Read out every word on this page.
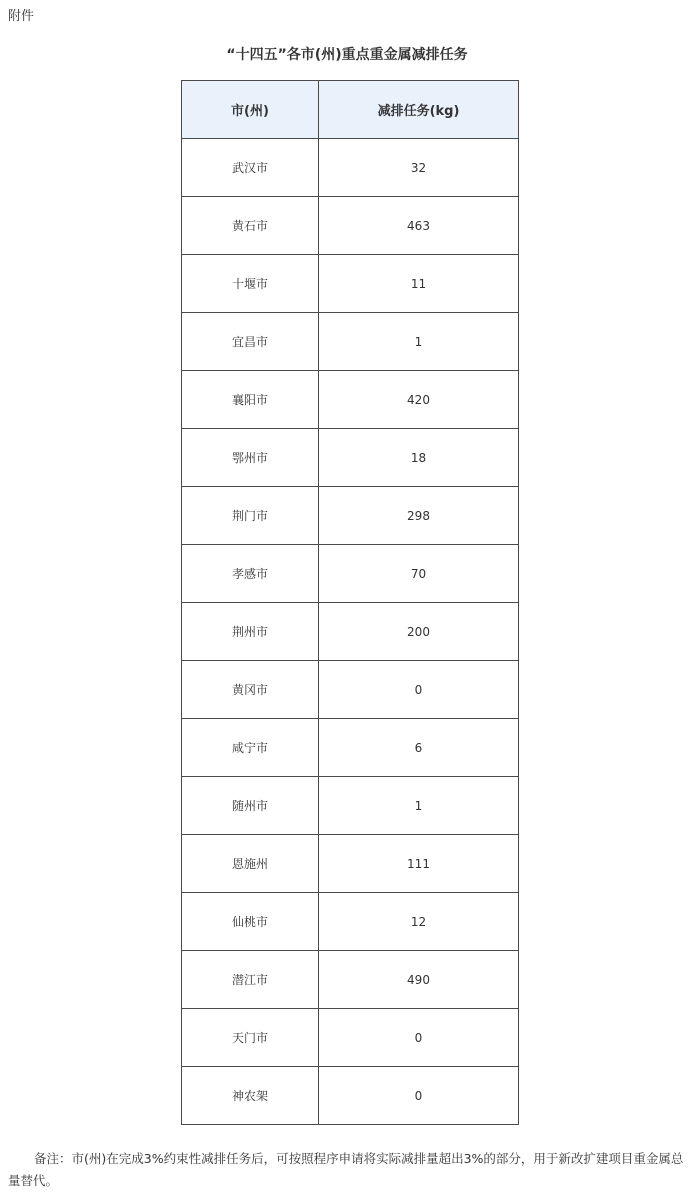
附件
“十四五”各市(州)重点重金属减排任务
市(州)	减排任务(kg)
武汉市	32
黄石市	463
十堰市	11
宜昌市	1
襄阳市	420
鄂州市	18
荆门市	298
孝感市	70
荆州市	200
黄冈市	0
咸宁市	6
随州市	1
恩施州	111
仙桃市	12
潜江市	490
天门市	0
神农架	0
备注：市(州)在完成3%约束性减排任务后，可按照程序申请将实际减排量超出3%的部分，用于新改扩建项目重金属总量替代。
